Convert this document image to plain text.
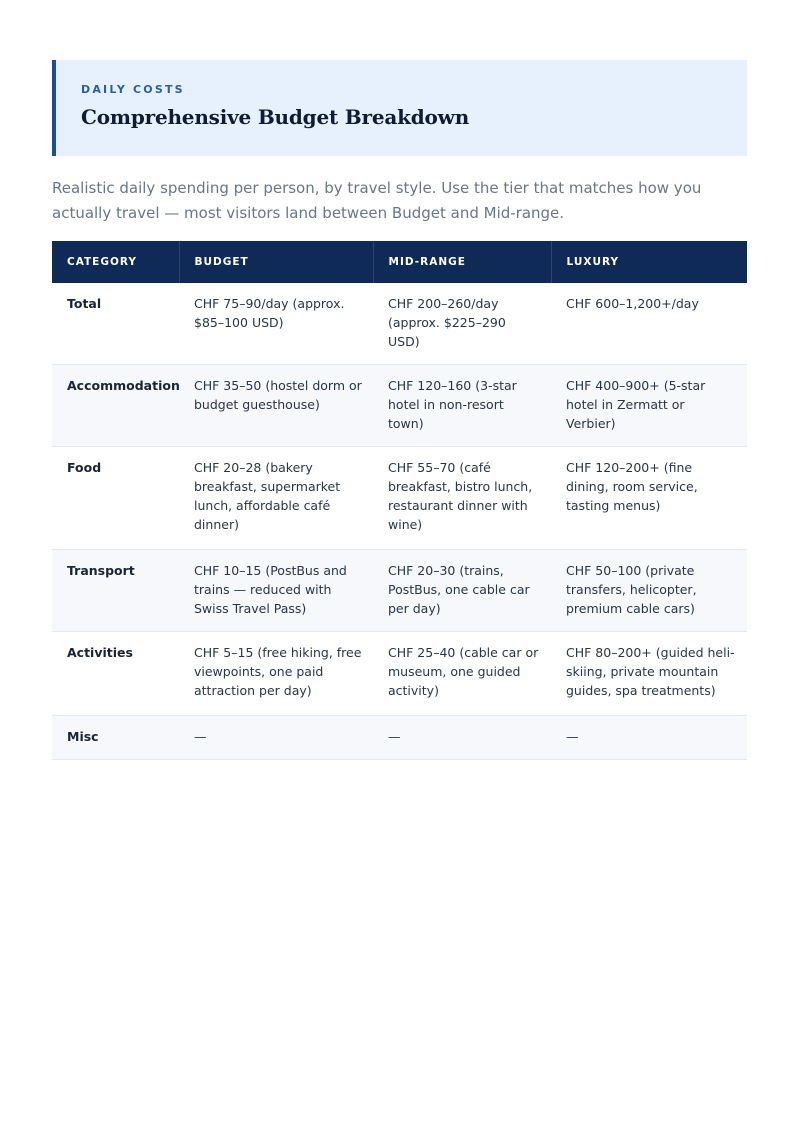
DAILY COSTS
Comprehensive Budget Breakdown

Realistic daily spending per person, by travel style. Use the tier that matches how you actually travel — most visitors land between Budget and Mid-range.

CATEGORY	BUDGET	MID-RANGE	LUXURY
Total	CHF 75–90/day (approx. $85–100 USD)	CHF 200–260/day (approx. $225–290 USD)	CHF 600–1,200+/day
Accommodation	CHF 35–50 (hostel dorm or budget guesthouse)	CHF 120–160 (3-star hotel in non-resort town)	CHF 400–900+ (5-star hotel in Zermatt or Verbier)
Food	CHF 20–28 (bakery breakfast, supermarket lunch, affordable café dinner)	CHF 55–70 (café breakfast, bistro lunch, restaurant dinner with wine)	CHF 120–200+ (fine dining, room service, tasting menus)
Transport	CHF 10–15 (PostBus and trains — reduced with Swiss Travel Pass)	CHF 20–30 (trains, PostBus, one cable car per day)	CHF 50–100 (private transfers, helicopter, premium cable cars)
Activities	CHF 5–15 (free hiking, free viewpoints, one paid attraction per day)	CHF 25–40 (cable car or museum, one guided activity)	CHF 80–200+ (guided heli-skiing, private mountain guides, spa treatments)
Misc	—	—	—
